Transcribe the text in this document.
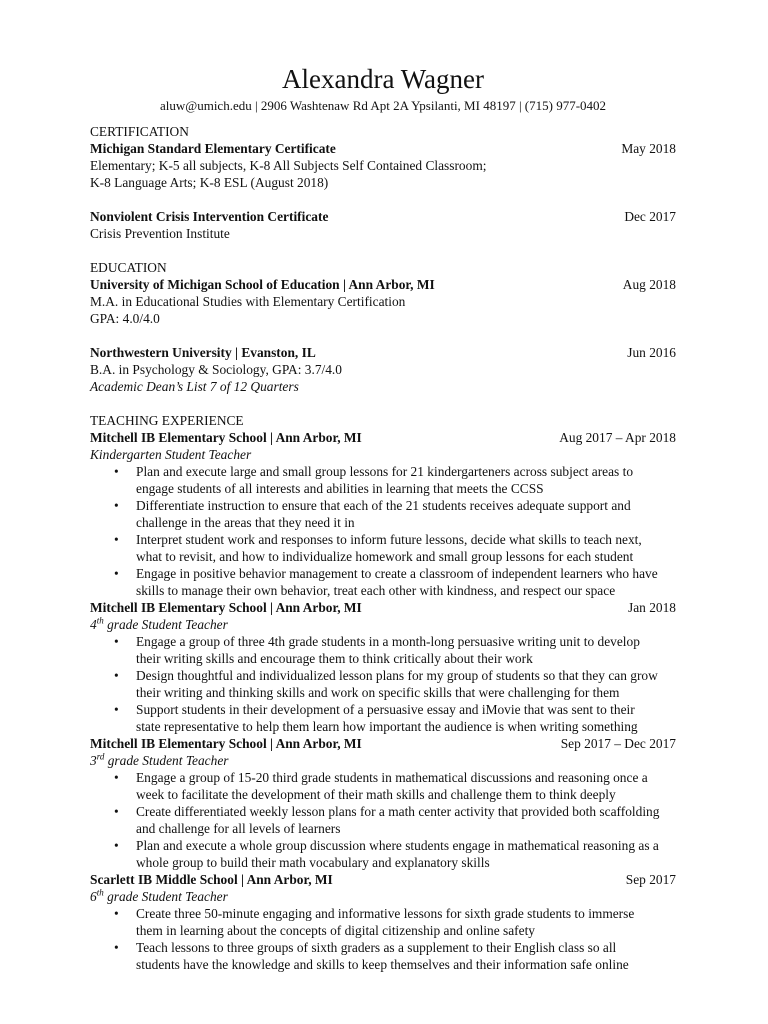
Alexandra Wagner

aluw@umich.edu | 2906 Washtenaw Rd Apt 2A Ypsilanti, MI 48197 | (715) 977-0402

CERTIFICATION

Michigan Standard Elementary Certificate	May 2018

Elementary; K-5 all subjects, K-8 All Subjects Self Contained Classroom;

K-8 Language Arts; K-8 ESL (August 2018)

Nonviolent Crisis Intervention Certificate	Dec 2017

Crisis Prevention Institute

EDUCATION

University of Michigan School of Education | Ann Arbor, MI	Aug 2018

M.A. in Educational Studies with Elementary Certification

GPA: 4.0/4.0

Northwestern University | Evanston, IL	Jun 2016

B.A. in Psychology & Sociology, GPA: 3.7/4.0

Academic Dean’s List 7 of 12 Quarters

TEACHING EXPERIENCE

Mitchell IB Elementary School | Ann Arbor, MI	Aug 2017 – Apr 2018

Kindergarten Student Teacher

• Plan and execute large and small group lessons for 21 kindergarteners across subject areas to
engage students of all interests and abilities in learning that meets the CCSS
• Differentiate instruction to ensure that each of the 21 students receives adequate support and
challenge in the areas that they need it in
• Interpret student work and responses to inform future lessons, decide what skills to teach next,
what to revisit, and how to individualize homework and small group lessons for each student
• Engage in positive behavior management to create a classroom of independent learners who have
skills to manage their own behavior, treat each other with kindness, and respect our space
Mitchell IB Elementary School | Ann Arbor, MI	Jan 2018

4th grade Student Teacher

• Engage a group of three 4th grade students in a month-long persuasive writing unit to develop
their writing skills and encourage them to think critically about their work
• Design thoughtful and individualized lesson plans for my group of students so that they can grow
their writing and thinking skills and work on specific skills that were challenging for them
• Support students in their development of a persuasive essay and iMovie that was sent to their
state representative to help them learn how important the audience is when writing something
Mitchell IB Elementary School | Ann Arbor, MI	Sep 2017 – Dec 2017

3rd grade Student Teacher

• Engage a group of 15-20 third grade students in mathematical discussions and reasoning once a
week to facilitate the development of their math skills and challenge them to think deeply
• Create differentiated weekly lesson plans for a math center activity that provided both scaffolding
and challenge for all levels of learners
• Plan and execute a whole group discussion where students engage in mathematical reasoning as a
whole group to build their math vocabulary and explanatory skills
Scarlett IB Middle School | Ann Arbor, MI	Sep 2017

6th grade Student Teacher

• Create three 50-minute engaging and informative lessons for sixth grade students to immerse
them in learning about the concepts of digital citizenship and online safety
• Teach lessons to three groups of sixth graders as a supplement to their English class so all
students have the knowledge and skills to keep themselves and their information safe online
